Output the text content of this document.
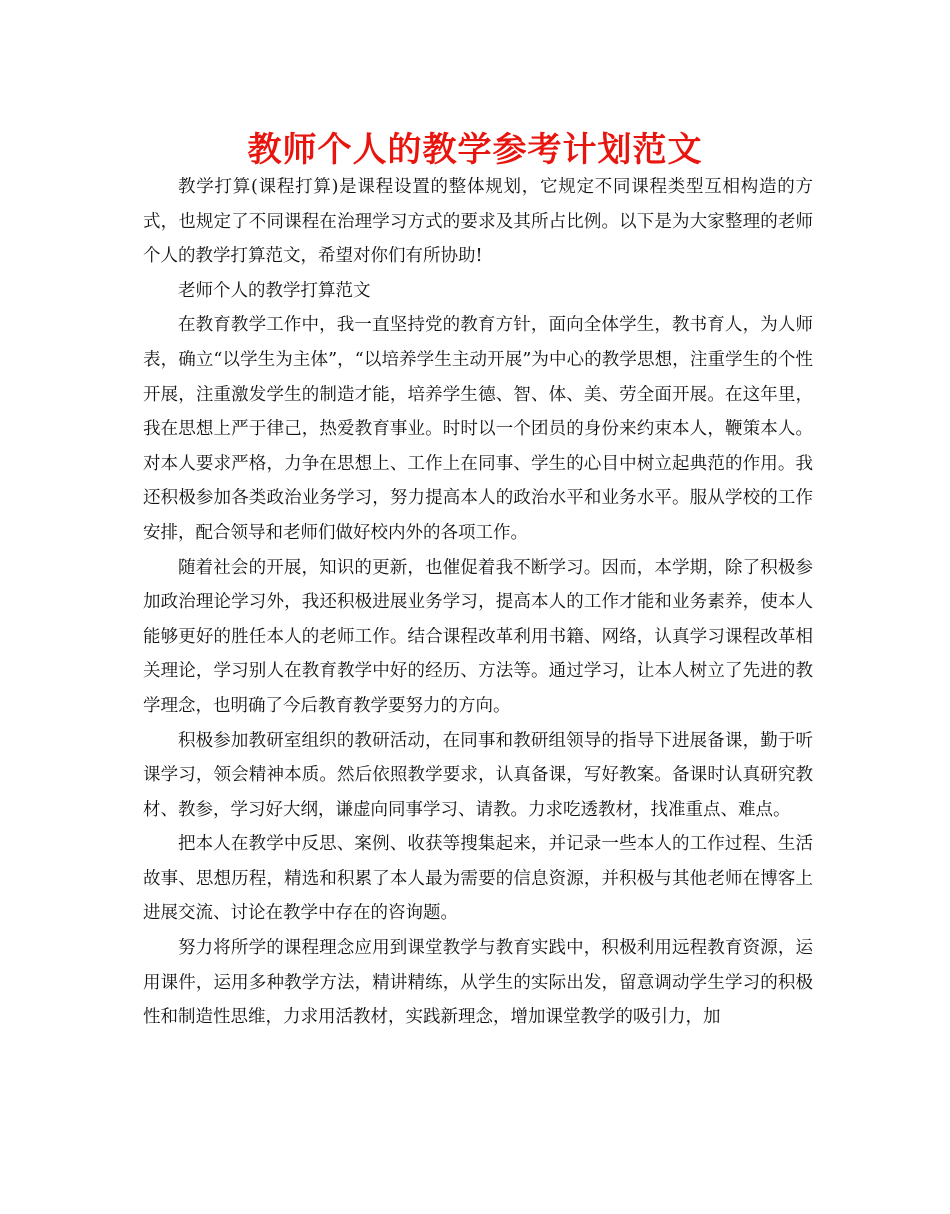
教师个人的教学参考计划范文

教学打算(课程打算)是课程设置的整体规划，它规定不同课程类型互相构造的方式，也规定了不同课程在治理学习方式的要求及其所占比例。以下是为大家整理的老师个人的教学打算范文，希望对你们有所协助!

老师个人的教学打算范文

在教育教学工作中，我一直坚持党的教育方针，面向全体学生，教书育人，为人师表，确立“以学生为主体”，“以培养学生主动开展”为中心的教学思想，注重学生的个性开展，注重激发学生的制造才能，培养学生德、智、体、美、劳全面开展。在这年里，我在思想上严于律己，热爱教育事业。时时以一个团员的身份来约束本人，鞭策本人。对本人要求严格，力争在思想上、工作上在同事、学生的心目中树立起典范的作用。我还积极参加各类政治业务学习，努力提高本人的政治水平和业务水平。服从学校的工作安排，配合领导和老师们做好校内外的各项工作。

随着社会的开展，知识的更新，也催促着我不断学习。因而，本学期，除了积极参加政治理论学习外，我还积极进展业务学习，提高本人的工作才能和业务素养，使本人能够更好的胜任本人的老师工作。结合课程改革利用书籍、网络，认真学习课程改革相关理论，学习别人在教育教学中好的经历、方法等。通过学习，让本人树立了先进的教学理念，也明确了今后教育教学要努力的方向。

积极参加教研室组织的教研活动，在同事和教研组领导的指导下进展备课，勤于听课学习，领会精神本质。然后依照教学要求，认真备课，写好教案。备课时认真研究教材、教参，学习好大纲，谦虚向同事学习、请教。力求吃透教材，找准重点、难点。

把本人在教学中反思、案例、收获等搜集起来，并记录一些本人的工作过程、生活故事、思想历程，精选和积累了本人最为需要的信息资源，并积极与其他老师在博客上进展交流、讨论在教学中存在的咨询题。

努力将所学的课程理念应用到课堂教学与教育实践中，积极利用远程教育资源，运用课件，运用多种教学方法，精讲精练，从学生的实际出发，留意调动学生学习的积极性和制造性思维，力求用活教材，实践新理念，增加课堂教学的吸引力，加
